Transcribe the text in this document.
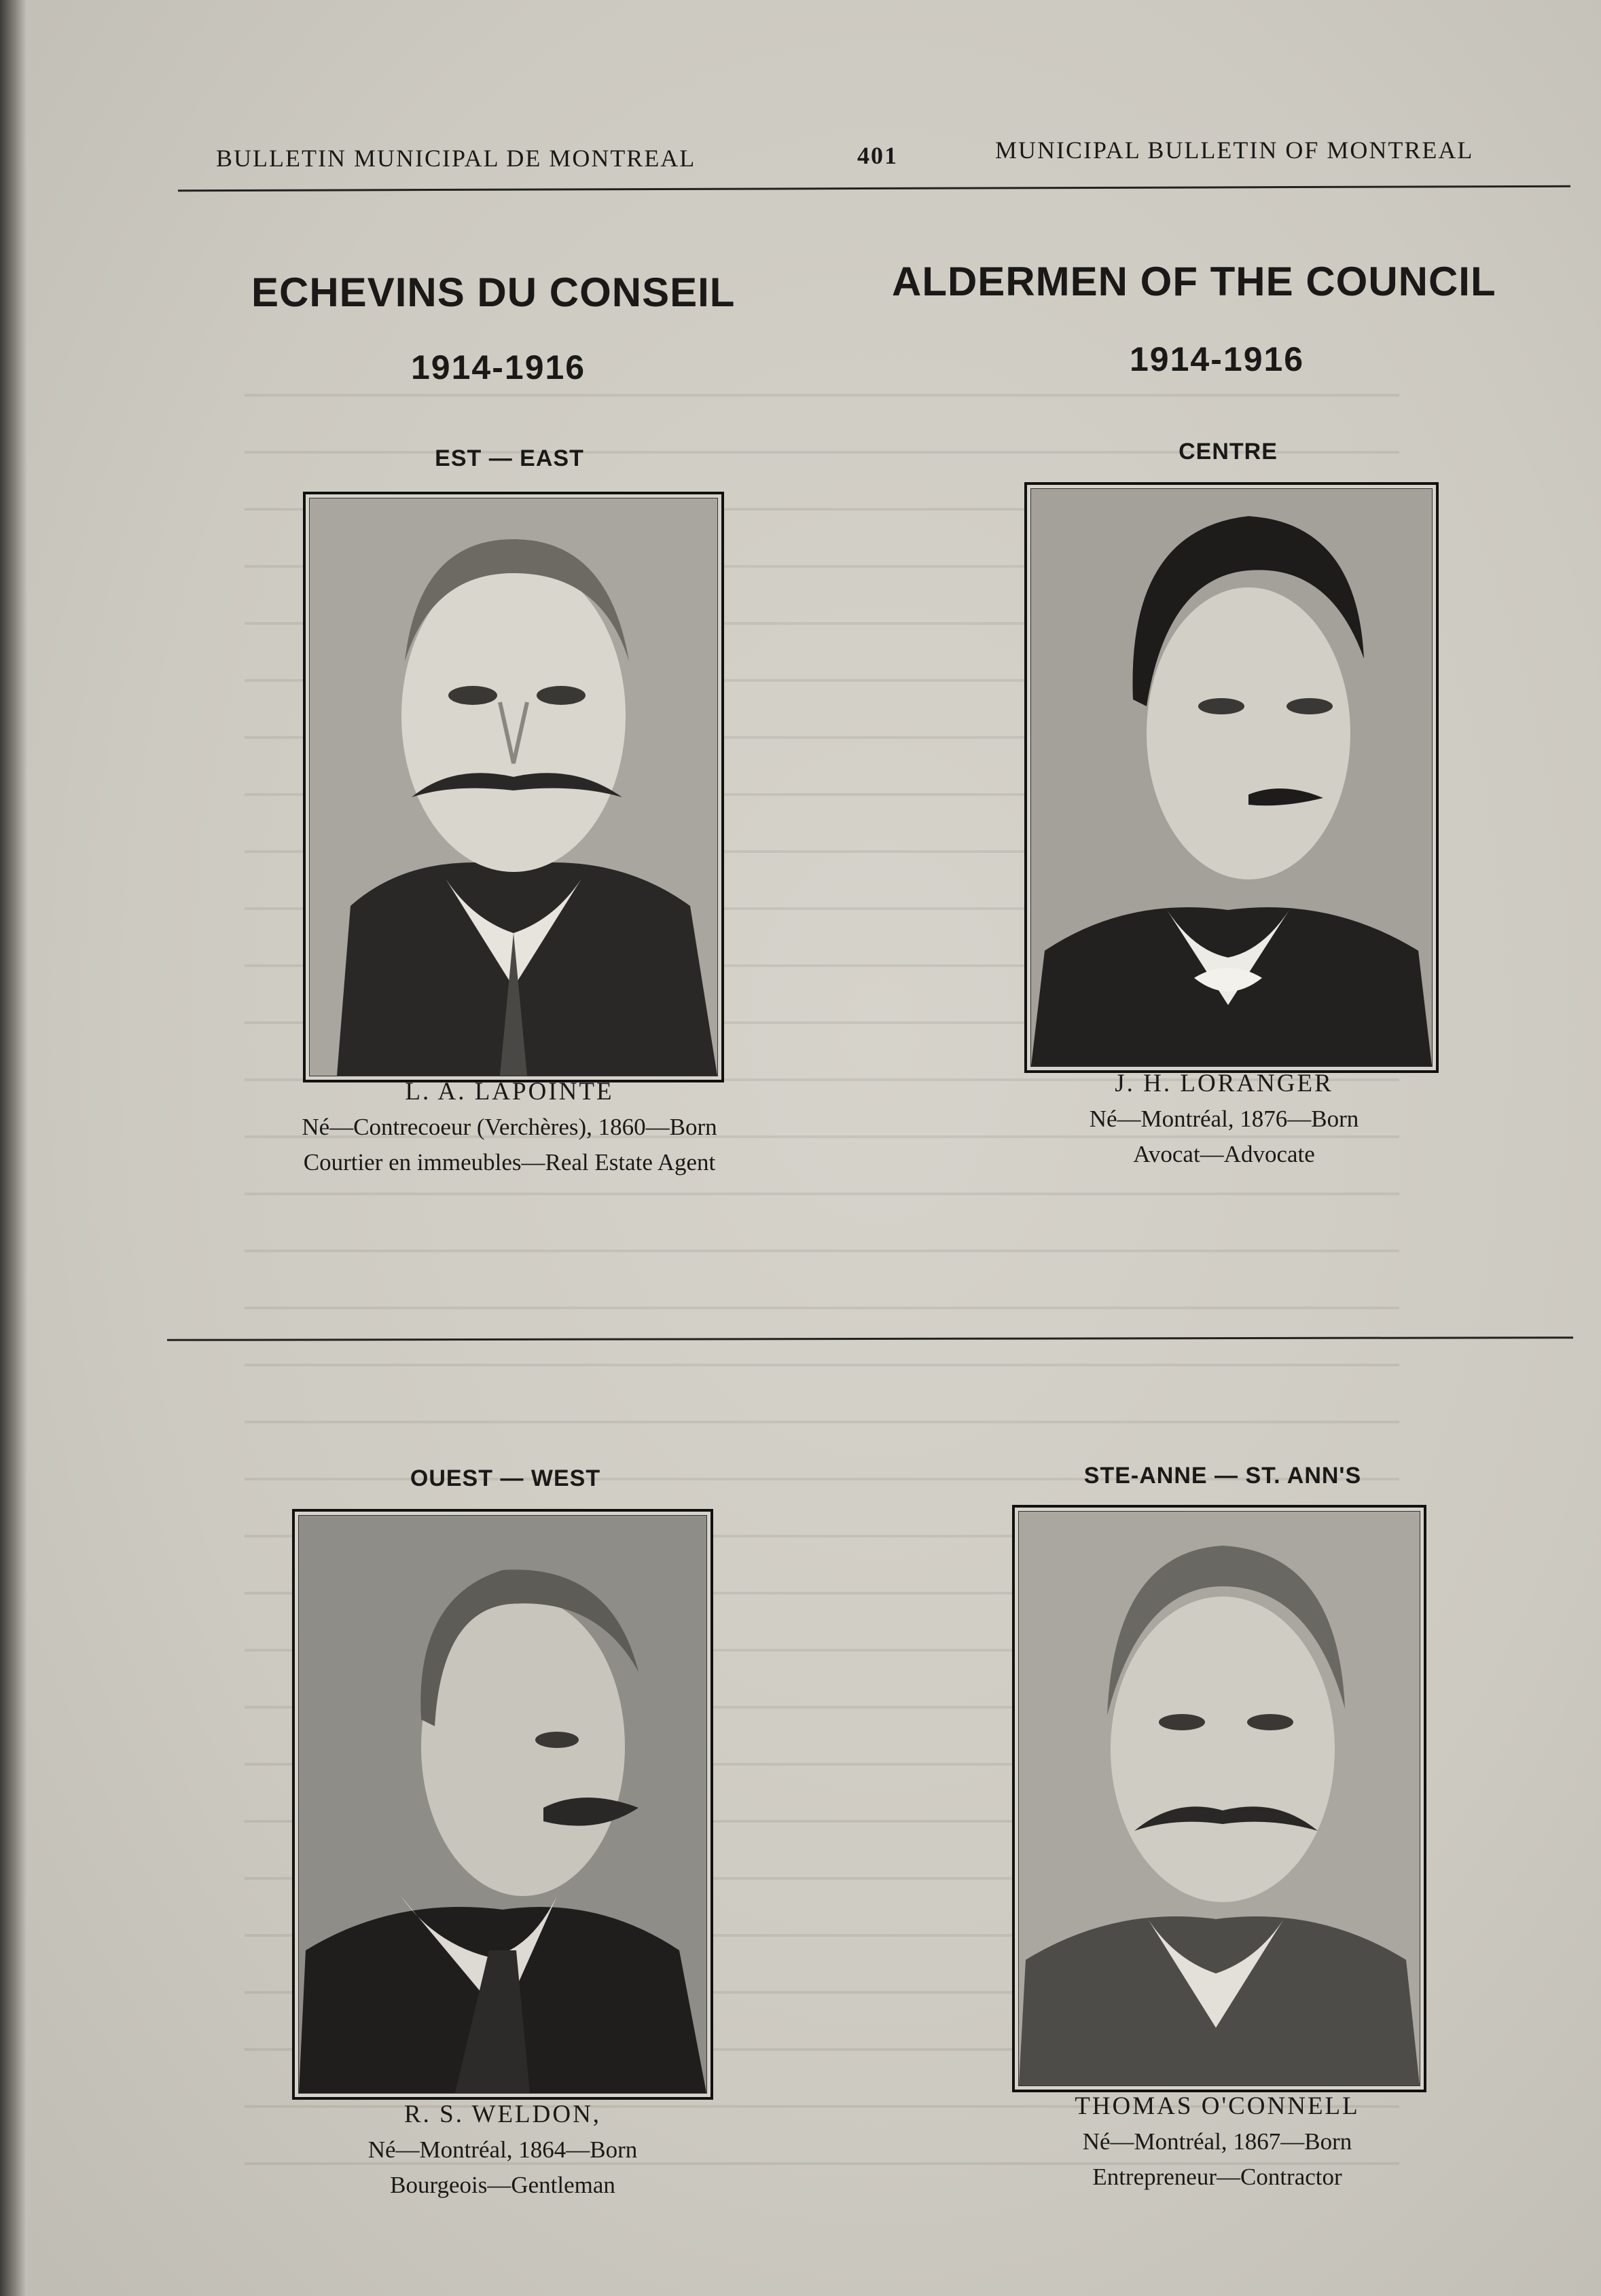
BULLETIN MUNICIPAL DE MONTREAL	401	MUNICIPAL BULLETIN OF MONTREAL
ECHEVINS DU CONSEIL	ALDERMEN OF THE COUNCIL
1914-1916	1914-1916
EST — EAST
L. A. LAPOINTE
Né—Contrecoeur (Verchères), 1860—Born
Courtier en immeubles—Real Estate Agent
CENTRE
J. H. LORANGER
Né—Montréal, 1876—Born
Avocat—Advocate
OUEST — WEST
R. S. WELDON,
Né—Montréal, 1864—Born
Bourgeois—Gentleman
STE-ANNE — ST. ANN'S
THOMAS O'CONNELL
Né—Montréal, 1867—Born
Entrepreneur—Contractor
